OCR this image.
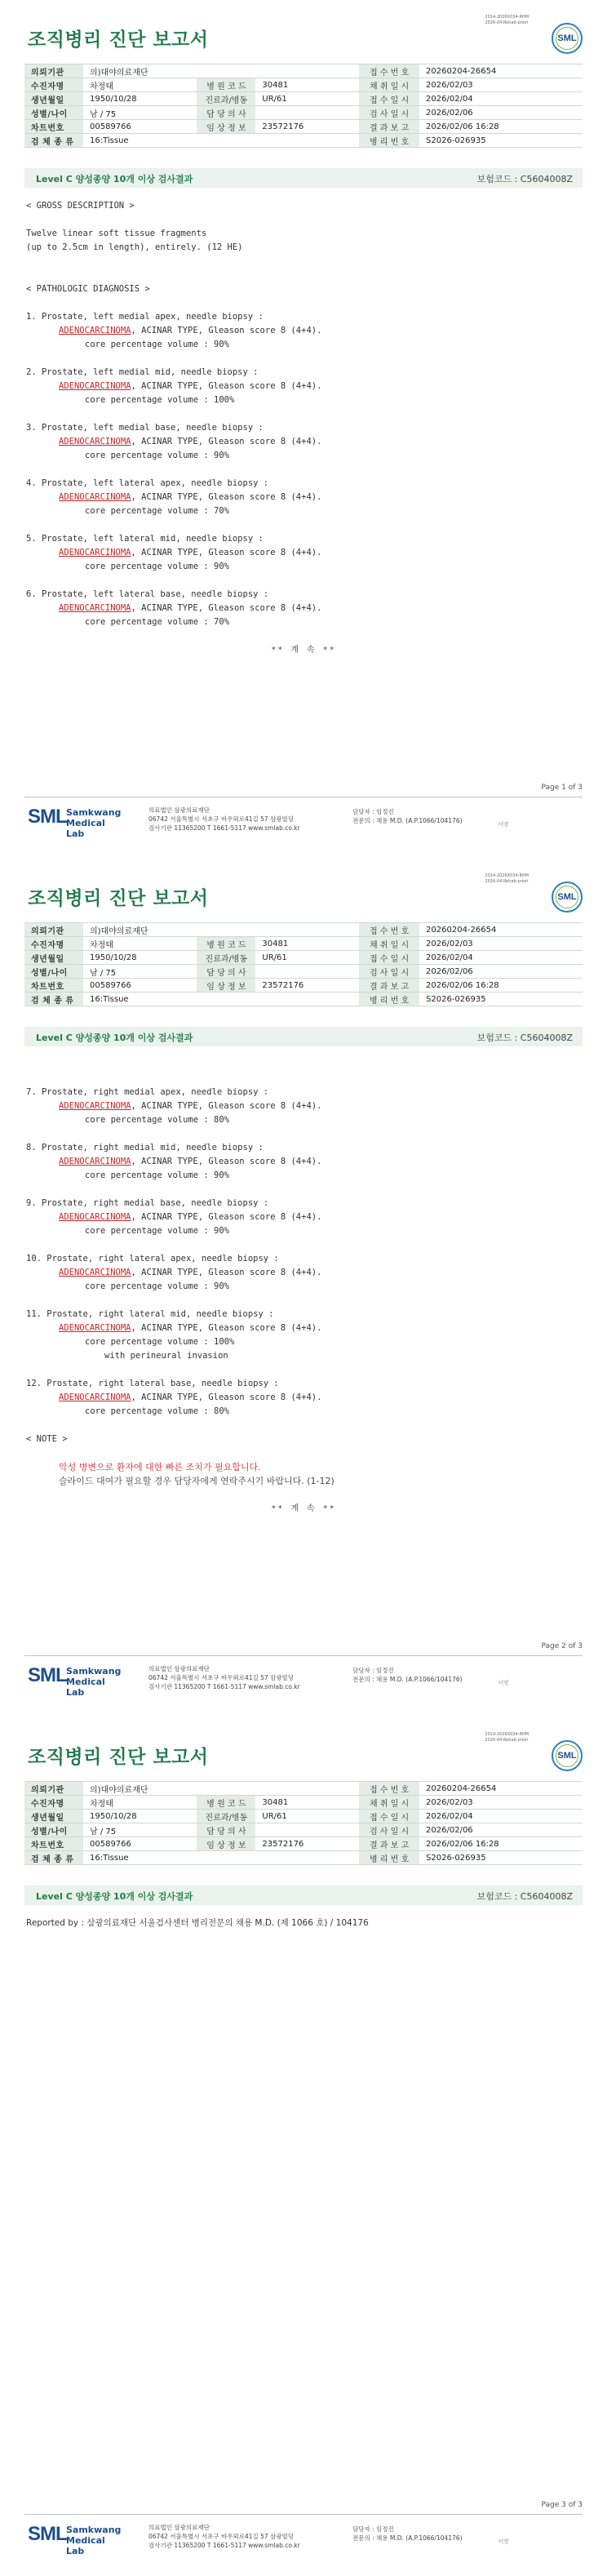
2014-2026X034-RHM
2026-04 Rehab-priori
조직병리 진단 보고서	SML
의뢰기관	의)대야의료재단			접 수 번 호	20260204-26654
수진자명	차정태	병 원 코 드	30481	채 취 일 시	2026/02/03
생년월일	1950/10/28	진료과/병동	UR/61	접 수 일 시	2026/02/04
성별/나이	남 / 75	담 당 의 사		검 사 일 시	2026/02/06
차트번호	00589766	임 상 정 보	23572176	결 과 보 고	2026/02/06 16:28
검 체 종 류	16:Tissue			병 리 번 호	S2026-026935
Level C 양성종양 10개 이상 검사결과	보험코드 : C5604008Z
< GROSS DESCRIPTION >
Twelve linear soft tissue fragments
(up to 2.5cm in length), entirely. (12 HE)
< PATHOLOGIC DIAGNOSIS >
1. Prostate, left medial apex, needle biopsy :
ADENOCARCINOMA, ACINAR TYPE, Gleason score 8 (4+4).
core percentage volume : 90%
2. Prostate, left medial mid, needle biopsy :
ADENOCARCINOMA, ACINAR TYPE, Gleason score 8 (4+4).
core percentage volume : 100%
3. Prostate, left medial base, needle biopsy :
ADENOCARCINOMA, ACINAR TYPE, Gleason score 8 (4+4).
core percentage volume : 90%
4. Prostate, left lateral apex, needle biopsy :
ADENOCARCINOMA, ACINAR TYPE, Gleason score 8 (4+4).
core percentage volume : 70%
5. Prostate, left lateral mid, needle biopsy :
ADENOCARCINOMA, ACINAR TYPE, Gleason score 8 (4+4).
core percentage volume : 90%
6. Prostate, left lateral base, needle biopsy :
ADENOCARCINOMA, ACINAR TYPE, Gleason score 8 (4+4).
core percentage volume : 70%
** 계 속 **
Page 1 of 3
SML Samkwang
Medical Lab
의료법인 삼광의료재단
06742 서울특별시 서초구 바우뫼로41길 57 삼광빌딩
검사기관 11365200 T 1661-5117 www.smlab.co.kr
담당자 : 임정진
전문의 : 채용 M.D. (A.P.1066/104176)	서명
2014-2026X034-RHM
2026-04 Rehab-priori
조직병리 진단 보고서	SML
의뢰기관	의)대야의료재단			접 수 번 호	20260204-26654
수진자명	차정태	병 원 코 드	30481	채 취 일 시	2026/02/03
생년월일	1950/10/28	진료과/병동	UR/61	접 수 일 시	2026/02/04
성별/나이	남 / 75	담 당 의 사		검 사 일 시	2026/02/06
차트번호	00589766	임 상 정 보	23572176	결 과 보 고	2026/02/06 16:28
검 체 종 류	16:Tissue			병 리 번 호	S2026-026935
Level C 양성종양 10개 이상 검사결과	보험코드 : C5604008Z
7. Prostate, right medial apex, needle biopsy :
ADENOCARCINOMA, ACINAR TYPE, Gleason score 8 (4+4).
core percentage volume : 80%
8. Prostate, right medial mid, needle biopsy :
ADENOCARCINOMA, ACINAR TYPE, Gleason score 8 (4+4).
core percentage volume : 90%
9. Prostate, right medial base, needle biopsy :
ADENOCARCINOMA, ACINAR TYPE, Gleason score 8 (4+4).
core percentage volume : 90%
10. Prostate, right lateral apex, needle biopsy :
ADENOCARCINOMA, ACINAR TYPE, Gleason score 8 (4+4).
core percentage volume : 90%
11. Prostate, right lateral mid, needle biopsy :
ADENOCARCINOMA, ACINAR TYPE, Gleason score 8 (4+4).
core percentage volume : 100%
with perineural invasion
12. Prostate, right lateral base, needle biopsy :
ADENOCARCINOMA, ACINAR TYPE, Gleason score 8 (4+4).
core percentage volume : 80%
< NOTE >
악성 병변으로 환자에 대한 빠른 조치가 필요합니다.
슬라이드 대여가 필요할 경우 담당자에게 연락주시기 바랍니다. (1-12)
** 계 속 **
Page 2 of 3
SML Samkwang
Medical Lab
의료법인 삼광의료재단
06742 서울특별시 서초구 바우뫼로41길 57 삼광빌딩
검사기관 11365200 T 1661-5117 www.smlab.co.kr
담당자 : 임정진
전문의 : 채용 M.D. (A.P.1066/104176)	서명
2014-2026X034-RHM
2026-04 Rehab-priori
조직병리 진단 보고서	SML
의뢰기관	의)대야의료재단			접 수 번 호	20260204-26654
수진자명	차정태	병 원 코 드	30481	채 취 일 시	2026/02/03
생년월일	1950/10/28	진료과/병동	UR/61	접 수 일 시	2026/02/04
성별/나이	남 / 75	담 당 의 사		검 사 일 시	2026/02/06
차트번호	00589766	임 상 정 보	23572176	결 과 보 고	2026/02/06 16:28
검 체 종 류	16:Tissue			병 리 번 호	S2026-026935
Level C 양성종양 10개 이상 검사결과	보험코드 : C5604008Z
Reported by : 삼광의료재단 서울검사센터 병리전문의 채용 M.D. (제 1066 호) / 104176
Page 3 of 3
SML Samkwang
Medical Lab
의료법인 삼광의료재단
06742 서울특별시 서초구 바우뫼로41길 57 삼광빌딩
검사기관 11365200 T 1661-5117 www.smlab.co.kr
담당자 : 임정진
전문의 : 채용 M.D. (A.P.1066/104176)	서명
